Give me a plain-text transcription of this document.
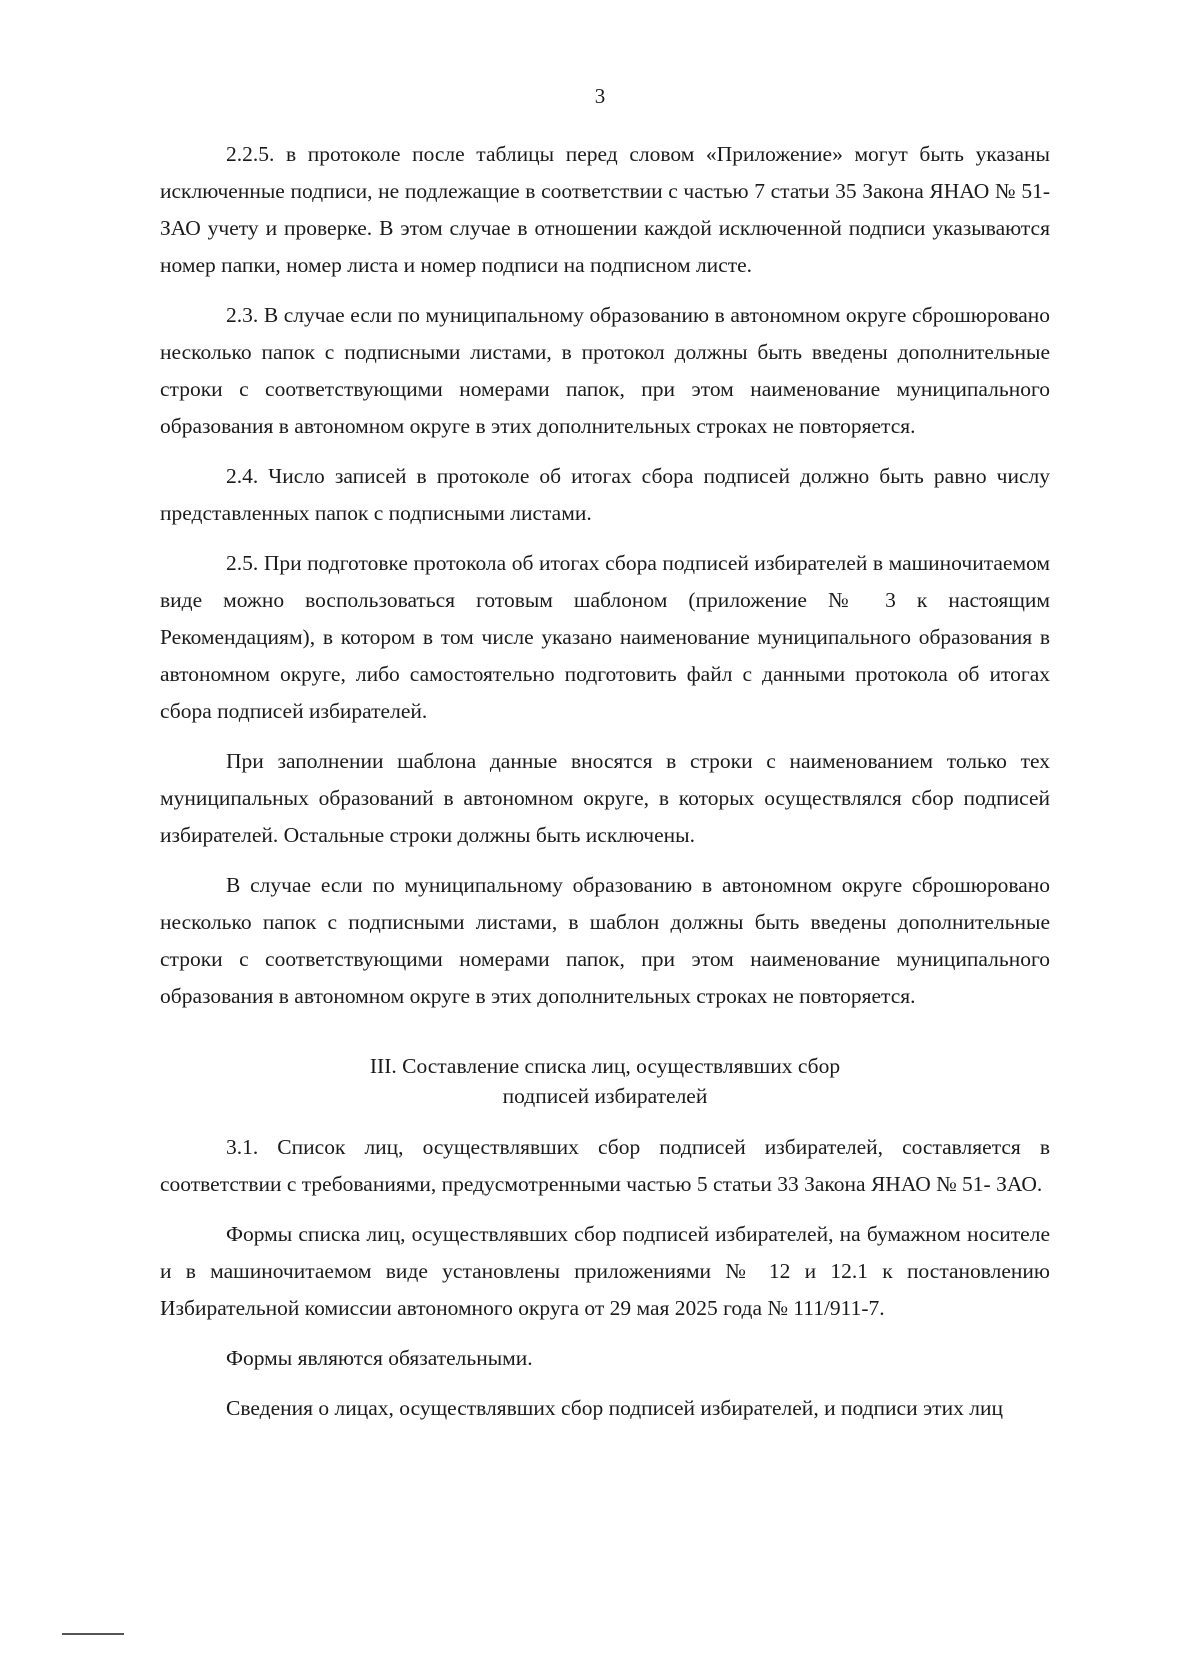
3

2.2.5. в протоколе после таблицы перед словом «Приложение» могут быть указаны исключенные подписи, не подлежащие в соответствии с частью 7 статьи 35 Закона ЯНАО № 51-ЗАО учету и проверке. В этом случае в отношении каждой исключенной подписи указываются номер папки, номер листа и номер подписи на подписном листе.

2.3. В случае если по муниципальному образованию в автономном округе сброшюровано несколько папок с подписными листами, в протокол должны быть введены дополнительные строки с соответствующими номерами папок, при этом наименование муниципального образования в автономном округе в этих дополнительных строках не повторяется.

2.4. Число записей в протоколе об итогах сбора подписей должно быть равно числу представленных папок с подписными листами.

2.5. При подготовке протокола об итогах сбора подписей избирателей в машиночитаемом виде можно воспользоваться готовым шаблоном (приложение № 3 к настоящим Рекомендациям), в котором в том числе указано наименование муниципального образования в автономном округе, либо самостоятельно подготовить файл с данными протокола об итогах сбора подписей избирателей.

При заполнении шаблона данные вносятся в строки с наименованием только тех муниципальных образований в автономном округе, в которых осуществлялся сбор подписей избирателей. Остальные строки должны быть исключены.

В случае если по муниципальному образованию в автономном округе сброшюровано несколько папок с подписными листами, в шаблон должны быть введены дополнительные строки с соответствующими номерами папок, при этом наименование муниципального образования в автономном округе в этих дополнительных строках не повторяется.

III. Составление списка лиц, осуществлявших сбор
подписей избирателей

3.1. Список лиц, осуществлявших сбор подписей избирателей, составляется в соответствии с требованиями, предусмотренными частью 5 статьи 33 Закона ЯНАО № 51- ЗАО.

Формы списка лиц, осуществлявших сбор подписей избирателей, на бумажном носителе и в машиночитаемом виде установлены приложениями № 12 и 12.1 к постановлению Избирательной комиссии автономного округа от 29 мая 2025 года № 111/911-7.

Формы являются обязательными.

Сведения о лицах, осуществлявших сбор подписей избирателей, и подписи этих лиц
